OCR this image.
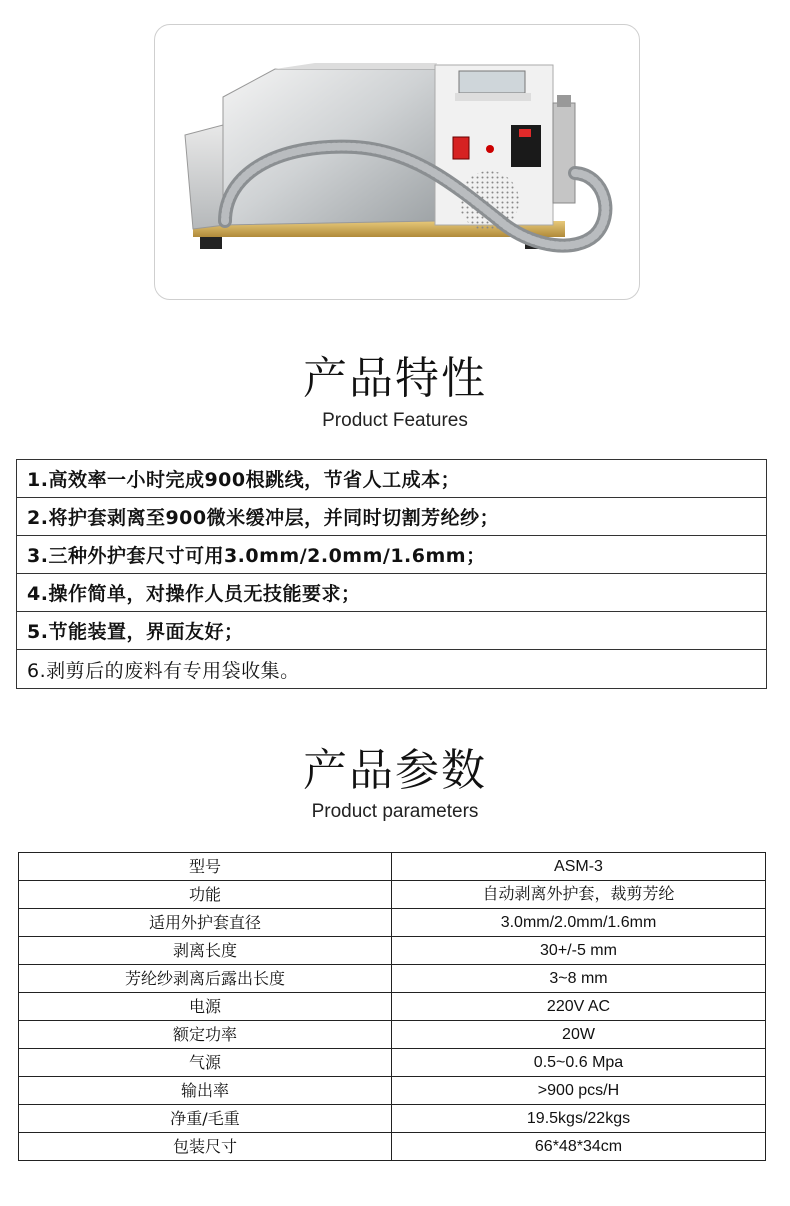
产品特性
Product Features
1.高效率一小时完成900根跳线，节省人工成本；
2.将护套剥离至900微米缓冲层，并同时切割芳纶纱；
3.三种外护套尺寸可用3.0mm/2.0mm/1.6mm；
4.操作简单，对操作人员无技能要求；
5.节能装置，界面友好；
6.剥剪后的废料有专用袋收集。
产品参数
Product parameters
型号	ASM-3
功能	自动剥离外护套，裁剪芳纶
适用外护套直径	3.0mm/2.0mm/1.6mm
剥离长度	30+/-5 mm
芳纶纱剥离后露出长度	3~8 mm
电源	220V AC
额定功率	20W
气源	0.5~0.6 Mpa
输出率	>900 pcs/H
净重/毛重	19.5kgs/22kgs
包装尺寸	66*48*34cm
